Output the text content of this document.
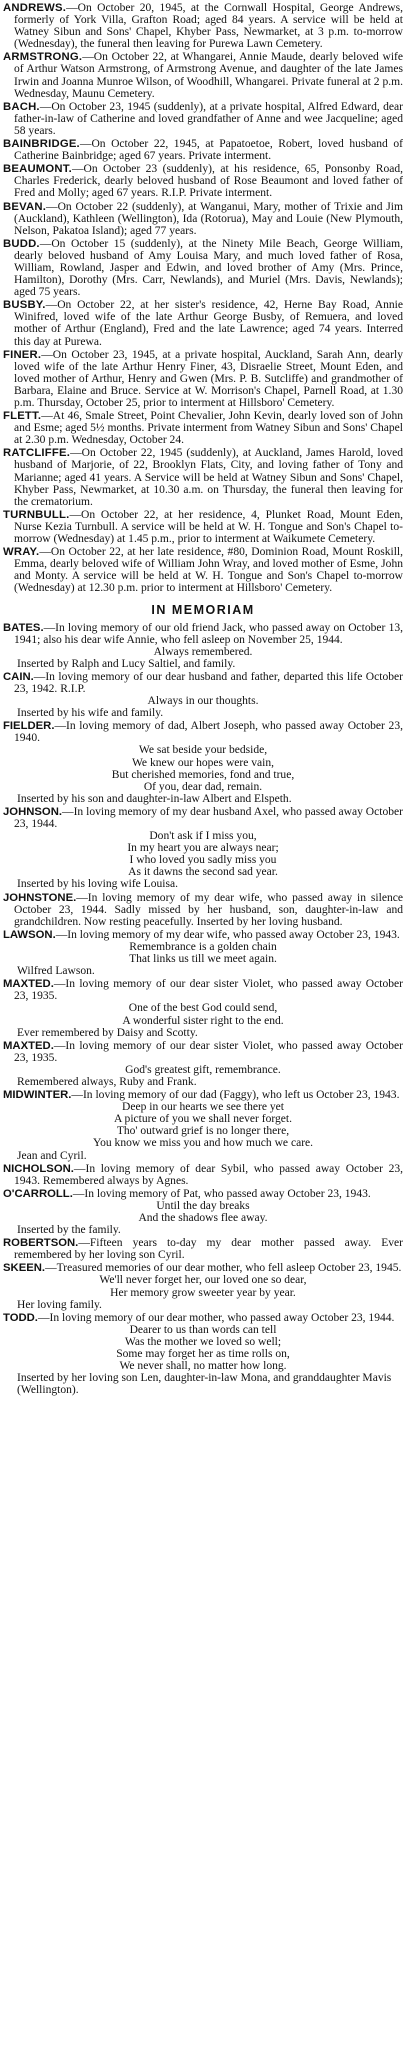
ANDREWS.—On October 20, 1945, at the Cornwall Hospital, George Andrews, formerly of York Villa, Grafton Road; aged 84 years. A service will be held at Watney Sibun and Sons' Chapel, Khyber Pass, Newmarket, at 3 p.m. to-morrow (Wednesday), the funeral then leaving for Purewa Lawn Cemetery.

ARMSTRONG.—On October 22, at Whangarei, Annie Maude, dearly beloved wife of Arthur Watson Armstrong, of Armstrong Avenue, and daughter of the late James Irwin and Joanna Munroe Wilson, of Woodhill, Whangarei. Private funeral at 2 p.m. Wednesday, Maunu Cemetery.

BACH.—On October 23, 1945 (suddenly), at a private hospital, Alfred Edward, dear father-in-law of Catherine and loved grandfather of Anne and wee Jacqueline; aged 58 years.

BAINBRIDGE.—On October 22, 1945, at Papatoetoe, Robert, loved husband of Catherine Bainbridge; aged 67 years. Private interment.

BEAUMONT.—On October 23 (suddenly), at his residence, 65, Ponsonby Road, Charles Frederick, dearly beloved husband of Rose Beaumont and loved father of Fred and Molly; aged 67 years. R.I.P. Private interment.

BEVAN.—On October 22 (suddenly), at Wanganui, Mary, mother of Trixie and Jim (Auckland), Kathleen (Wellington), Ida (Rotorua), May and Louie (New Plymouth, Nelson, Pakatoa Island); aged 77 years.

BUDD.—On October 15 (suddenly), at the Ninety Mile Beach, George William, dearly beloved husband of Amy Louisa Mary, and much loved father of Rosa, William, Rowland, Jasper and Edwin, and loved brother of Amy (Mrs. Prince, Hamilton), Dorothy (Mrs. Carr, Newlands), and Muriel (Mrs. Davis, Newlands); aged 75 years.

BUSBY.—On October 22, at her sister's residence, 42, Herne Bay Road, Annie Winifred, loved wife of the late Arthur George Busby, of Remuera, and loved mother of Arthur (England), Fred and the late Lawrence; aged 74 years. Interred this day at Purewa.

FINER.—On October 23, 1945, at a private hospital, Auckland, Sarah Ann, dearly loved wife of the late Arthur Henry Finer, 43, Disraelie Street, Mount Eden, and loved mother of Arthur, Henry and Gwen (Mrs. P. B. Sutcliffe) and grandmother of Barbara, Elaine and Bruce. Service at W. Morrison's Chapel, Parnell Road, at 1.30 p.m. Thursday, October 25, prior to interment at Hillsboro' Cemetery.

FLETT.—At 46, Smale Street, Point Chevalier, John Kevin, dearly loved son of John and Esme; aged 5½ months. Private interment from Watney Sibun and Sons' Chapel at 2.30 p.m. Wednesday, October 24.

RATCLIFFE.—On October 22, 1945 (suddenly), at Auckland, James Harold, loved husband of Marjorie, of 22, Brooklyn Flats, City, and loving father of Tony and Marianne; aged 41 years. A Service will be held at Watney Sibun and Sons' Chapel, Khyber Pass, Newmarket, at 10.30 a.m. on Thursday, the funeral then leaving for the crematorium.

TURNBULL.—On October 22, at her residence, 4, Plunket Road, Mount Eden, Nurse Kezia Turnbull. A service will be held at W. H. Tongue and Son's Chapel to-morrow (Wednesday) at 1.45 p.m., prior to interment at Waikumete Cemetery.

WRAY.—On October 22, at her late residence, #80, Dominion Road, Mount Roskill, Emma, dearly beloved wife of William John Wray, and loved mother of Esme, John and Monty. A service will be held at W. H. Tongue and Son's Chapel to-morrow (Wednesday) at 12.30 p.m. prior to interment at Hillsboro' Cemetery.

IN MEMORIAM
BATES.—In loving memory of our old friend Jack, who passed away on October 13, 1941; also his dear wife Annie, who fell asleep on November 25, 1944.
Always remembered.
Inserted by Ralph and Lucy Saltiel, and family.
CAIN.—In loving memory of our dear husband and father, departed this life October 23, 1942. R.I.P.
Always in our thoughts.
Inserted by his wife and family.
FIELDER.—In loving memory of dad, Albert Joseph, who passed away October 23, 1940.
We sat beside your bedside,
We knew our hopes were vain,
But cherished memories, fond and true,
Of you, dear dad, remain.
Inserted by his son and daughter-in-law Albert and Elspeth.
JOHNSON.—In loving memory of my dear husband Axel, who passed away October 23, 1944.
Don't ask if I miss you,
In my heart you are always near;
I who loved you sadly miss you
As it dawns the second sad year.
Inserted by his loving wife Louisa.
JOHNSTONE.—In loving memory of my dear wife, who passed away in silence October 23, 1944. Sadly missed by her husband, son, daughter-in-law and grandchildren. Now resting peacefully. Inserted by her loving husband.
LAWSON.—In loving memory of my dear wife, who passed away October 23, 1943.
Remembrance is a golden chain
That links us till we meet again.
Wilfred Lawson.
MAXTED.—In loving memory of our dear sister Violet, who passed away October 23, 1935.
One of the best God could send,
A wonderful sister right to the end.
Ever remembered by Daisy and Scotty.
MAXTED.—In loving memory of our dear sister Violet, who passed away October 23, 1935.
God's greatest gift, remembrance.
Remembered always, Ruby and Frank.
MIDWINTER.—In loving memory of our dad (Faggy), who left us October 23, 1943.
Deep in our hearts we see there yet
A picture of you we shall never forget.
Tho' outward grief is no longer there,
You know we miss you and how much we care.
Jean and Cyril.
NICHOLSON.—In loving memory of dear Sybil, who passed away October 23, 1943. Remembered always by Agnes.
O'CARROLL.—In loving memory of Pat, who passed away October 23, 1943.
Until the day breaks
And the shadows flee away.
Inserted by the family.
ROBERTSON.—Fifteen years to-day my dear mother passed away. Ever remembered by her loving son Cyril.
SKEEN.—Treasured memories of our dear mother, who fell asleep October 23, 1945.
We'll never forget her, our loved one so dear,
Her memory grow sweeter year by year.
Her loving family.
TODD.—In loving memory of our dear mother, who passed away October 23, 1944.
Dearer to us than words can tell
Was the mother we loved so well;
Some may forget her as time rolls on,
We never shall, no matter how long.
Inserted by her loving son Len, daughter-in-law Mona, and granddaughter Mavis (Wellington).
